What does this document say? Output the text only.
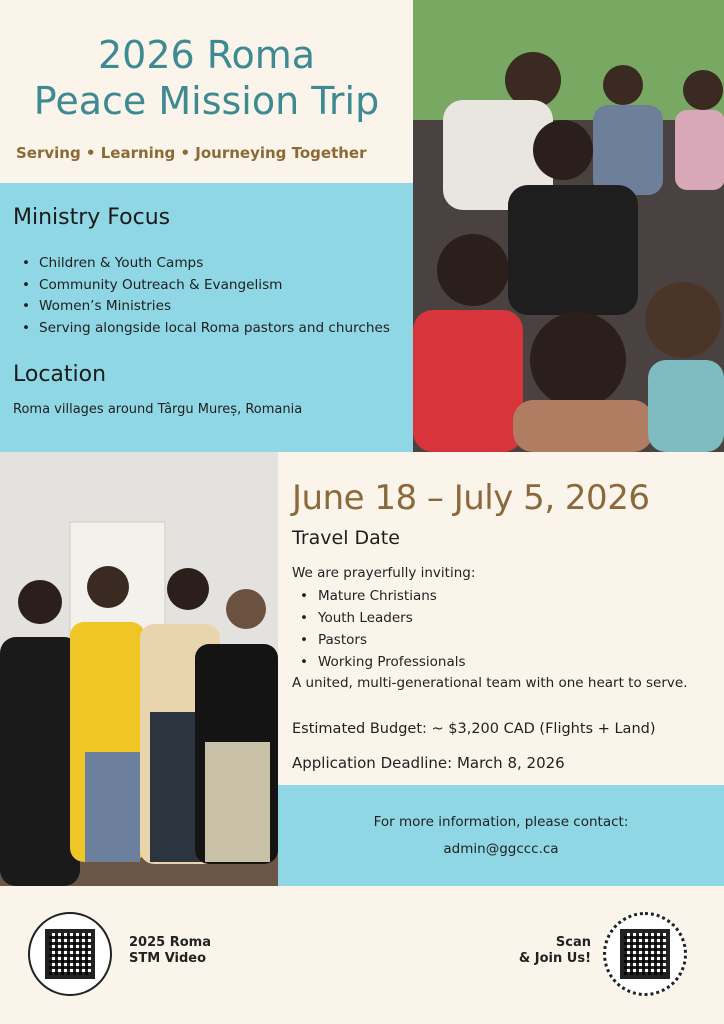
2026 Roma
Peace Mission Trip
Serving • Learning • Journeying Together
Ministry Focus
• Children & Youth Camps
• Community Outreach & Evangelism
• Women’s Ministries
• Serving alongside local Roma pastors and churches
Location
Roma villages around Târgu Mureș, Romania
June 18 – July 5, 2026
Travel Date
We are prayerfully inviting:
• Mature Christians
• Youth Leaders
• Pastors
• Working Professionals
A united, multi-generational team with one heart to serve.
Estimated Budget: ~ $3,200 CAD (Flights + Land)
Application Deadline: March 8, 2026
For more information, please contact:
admin@ggccc.ca
2025 Roma
STM Video
Scan
& Join Us!
